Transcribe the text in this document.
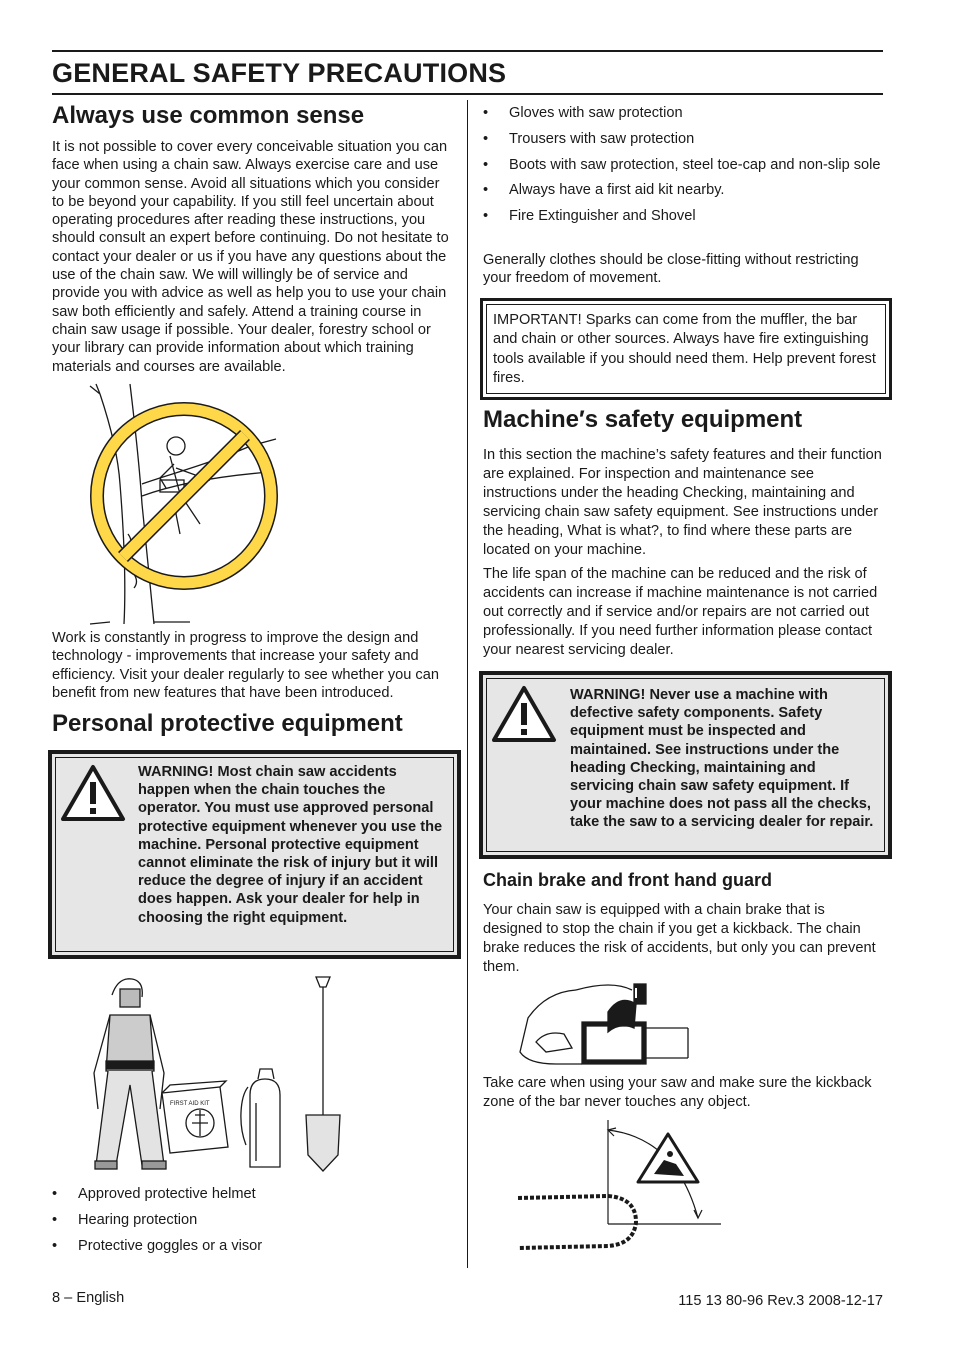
GENERAL SAFETY PRECAUTIONS
Always use common sense

It is not possible to cover every conceivable situation you can face when using a chain saw. Always exercise care and use your common sense. Avoid all situations which you consider to be beyond your capability. If you still feel uncertain about operating procedures after reading these instructions, you should consult an expert before continuing. Do not hesitate to contact your dealer or us if you have any questions about the use of the chain saw. We will willingly be of service and provide you with advice as well as help you to use your chain saw both efficiently and safely. Attend a training course in chain saw usage if possible. Your dealer, forestry school or your library can provide information about which training materials and courses are available.

Work is constantly in progress to improve the design and technology - improvements that increase your safety and efficiency. Visit your dealer regularly to see whether you can benefit from new features that have been introduced.

Personal protective equipment
WARNING! Most chain saw accidents happen when the chain touches the operator. You must use approved personal protective equipment whenever you use the machine. Personal protective equipment cannot eliminate the risk of injury but it will reduce the degree of injury if an accident does happen. Ask your dealer for help in choosing the right equipment.
FIRST AID KIT
• Approved protective helmet
• Hearing protection
• Protective goggles or a visor
• Gloves with saw protection
• Trousers with saw protection
• Boots with saw protection, steel toe-cap and non-slip sole
• Always have a first aid kit nearby.
• Fire Extinguisher and Shovel

Generally clothes should be close-fitting without restricting your freedom of movement.

IMPORTANT! Sparks can come from the muffler, the bar and chain or other sources. Always have fire extinguishing tools available if you should need them. Help prevent forest fires.
Machine′s safety equipment

In this section the machine’s safety features and their function are explained. For inspection and maintenance see instructions under the heading Checking, maintaining and servicing chain saw safety equipment. See instructions under the heading, What is what?, to find where these parts are located on your machine.

The life span of the machine can be reduced and the risk of accidents can increase if machine maintenance is not carried out correctly and if service and/or repairs are not carried out professionally. If you need further information please contact your nearest servicing dealer.

WARNING! Never use a machine with defective safety components. Safety equipment must be inspected and maintained. See instructions under the heading Checking, maintaining and servicing chain saw safety equipment. If your machine does not pass all the checks, take the saw to a servicing dealer for repair.
Chain brake and front hand guard

Your chain saw is equipped with a chain brake that is designed to stop the chain if you get a kickback. The chain brake reduces the risk of accidents, but only you can prevent them.

Take care when using your saw and make sure the kickback zone of the bar never touches any object.

8 – English	115 13 80-96 Rev.3 2008-12-17
